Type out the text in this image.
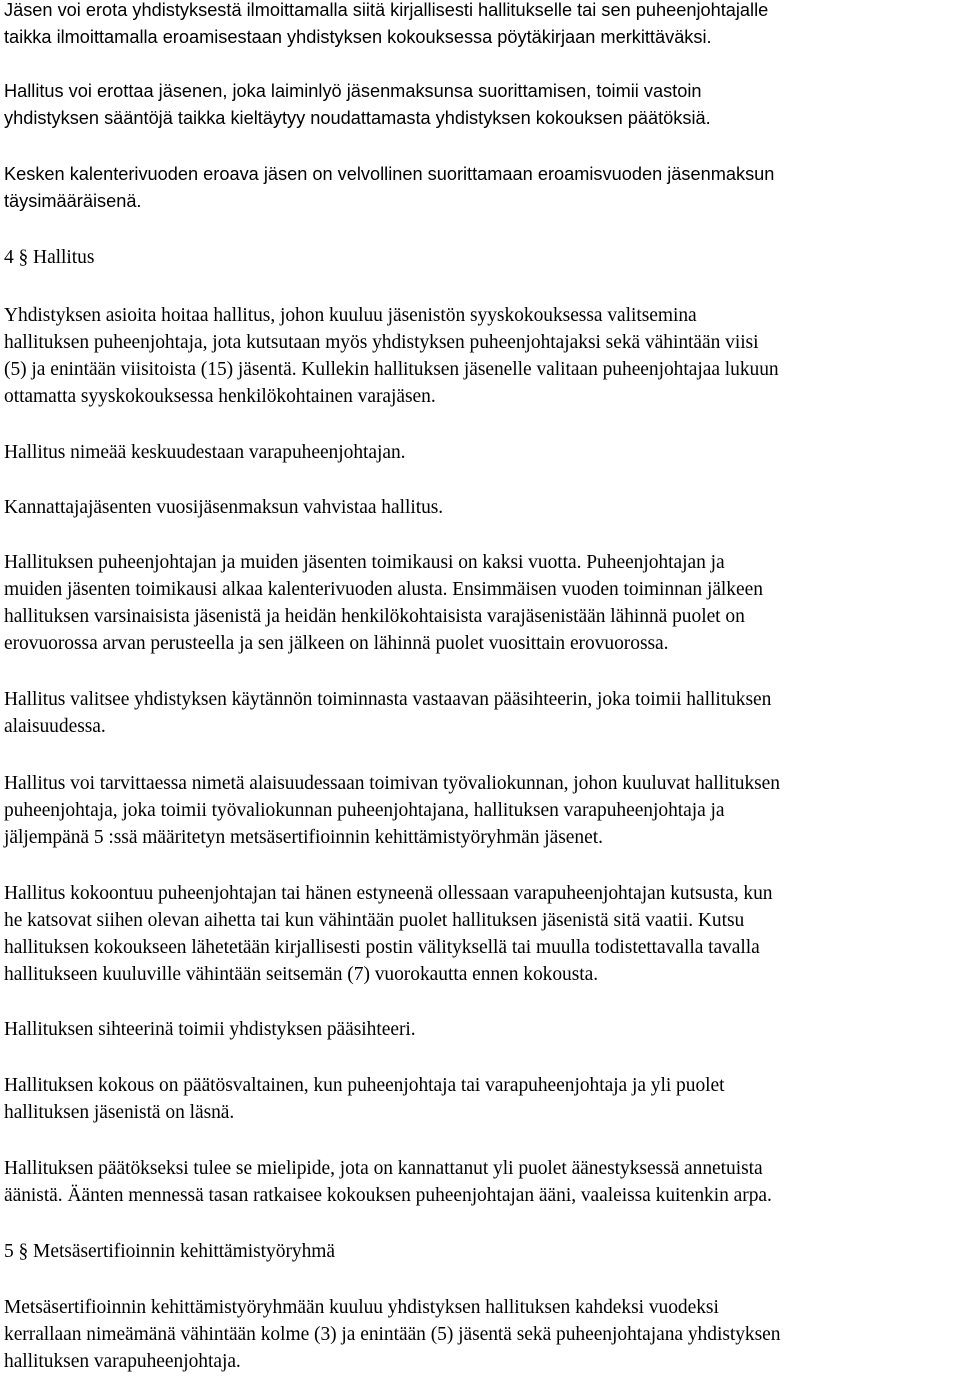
Jäsen voi erota yhdistyksestä ilmoittamalla siitä kirjallisesti hallitukselle tai sen puheenjohtajalle
taikka ilmoittamalla eroamisestaan yhdistyksen kokouksessa pöytäkirjaan merkittäväksi.
Hallitus voi erottaa jäsenen, joka laiminlyö jäsenmaksunsa suorittamisen, toimii vastoin
yhdistyksen sääntöjä taikka kieltäytyy noudattamasta yhdistyksen kokouksen päätöksiä.
Kesken kalenterivuoden eroava jäsen on velvollinen suorittamaan eroamisvuoden jäsenmaksun
täysimääräisenä.
4 § Hallitus
Yhdistyksen asioita hoitaa hallitus, johon kuuluu jäsenistön syyskokouksessa valitsemina
hallituksen puheenjohtaja, jota kutsutaan myös yhdistyksen puheenjohtajaksi sekä vähintään viisi
(5) ja enintään viisitoista (15) jäsentä. Kullekin hallituksen jäsenelle valitaan puheenjohtajaa lukuun
ottamatta syyskokouksessa henkilökohtainen varajäsen.
Hallitus nimeää keskuudestaan varapuheenjohtajan.
Kannattajajäsenten vuosijäsenmaksun vahvistaa hallitus.
Hallituksen puheenjohtajan ja muiden jäsenten toimikausi on kaksi vuotta. Puheenjohtajan ja
muiden jäsenten toimikausi alkaa kalenterivuoden alusta. Ensimmäisen vuoden toiminnan jälkeen
hallituksen varsinaisista jäsenistä ja heidän henkilökohtaisista varajäsenistään lähinnä puolet on
erovuorossa arvan perusteella ja sen jälkeen on lähinnä puolet vuosittain erovuorossa.
Hallitus valitsee yhdistyksen käytännön toiminnasta vastaavan pääsihteerin, joka toimii hallituksen
alaisuudessa.
Hallitus voi tarvittaessa nimetä alaisuudessaan toimivan työvaliokunnan, johon kuuluvat hallituksen
puheenjohtaja, joka toimii työvaliokunnan puheenjohtajana, hallituksen varapuheenjohtaja ja
jäljempänä 5 :ssä määritetyn metsäsertifioinnin kehittämistyöryhmän jäsenet.
Hallitus kokoontuu puheenjohtajan tai hänen estyneenä ollessaan varapuheenjohtajan kutsusta, kun
he katsovat siihen olevan aihetta tai kun vähintään puolet hallituksen jäsenistä sitä vaatii. Kutsu
hallituksen kokoukseen lähetetään kirjallisesti postin välityksellä tai muulla todistettavalla tavalla
hallitukseen kuuluville vähintään seitsemän (7) vuorokautta ennen kokousta.
Hallituksen sihteerinä toimii yhdistyksen pääsihteeri.
Hallituksen kokous on päätösvaltainen, kun puheenjohtaja tai varapuheenjohtaja ja yli puolet
hallituksen jäsenistä on läsnä.
Hallituksen päätökseksi tulee se mielipide, jota on kannattanut yli puolet äänestyksessä annetuista
äänistä. Äänten mennessä tasan ratkaisee kokouksen puheenjohtajan ääni, vaaleissa kuitenkin arpa.
5 § Metsäsertifioinnin kehittämistyöryhmä
Metsäsertifioinnin kehittämistyöryhmään kuuluu yhdistyksen hallituksen kahdeksi vuodeksi
kerrallaan nimeämänä vähintään kolme (3) ja enintään (5) jäsentä sekä puheenjohtajana yhdistyksen
hallituksen varapuheenjohtaja.
